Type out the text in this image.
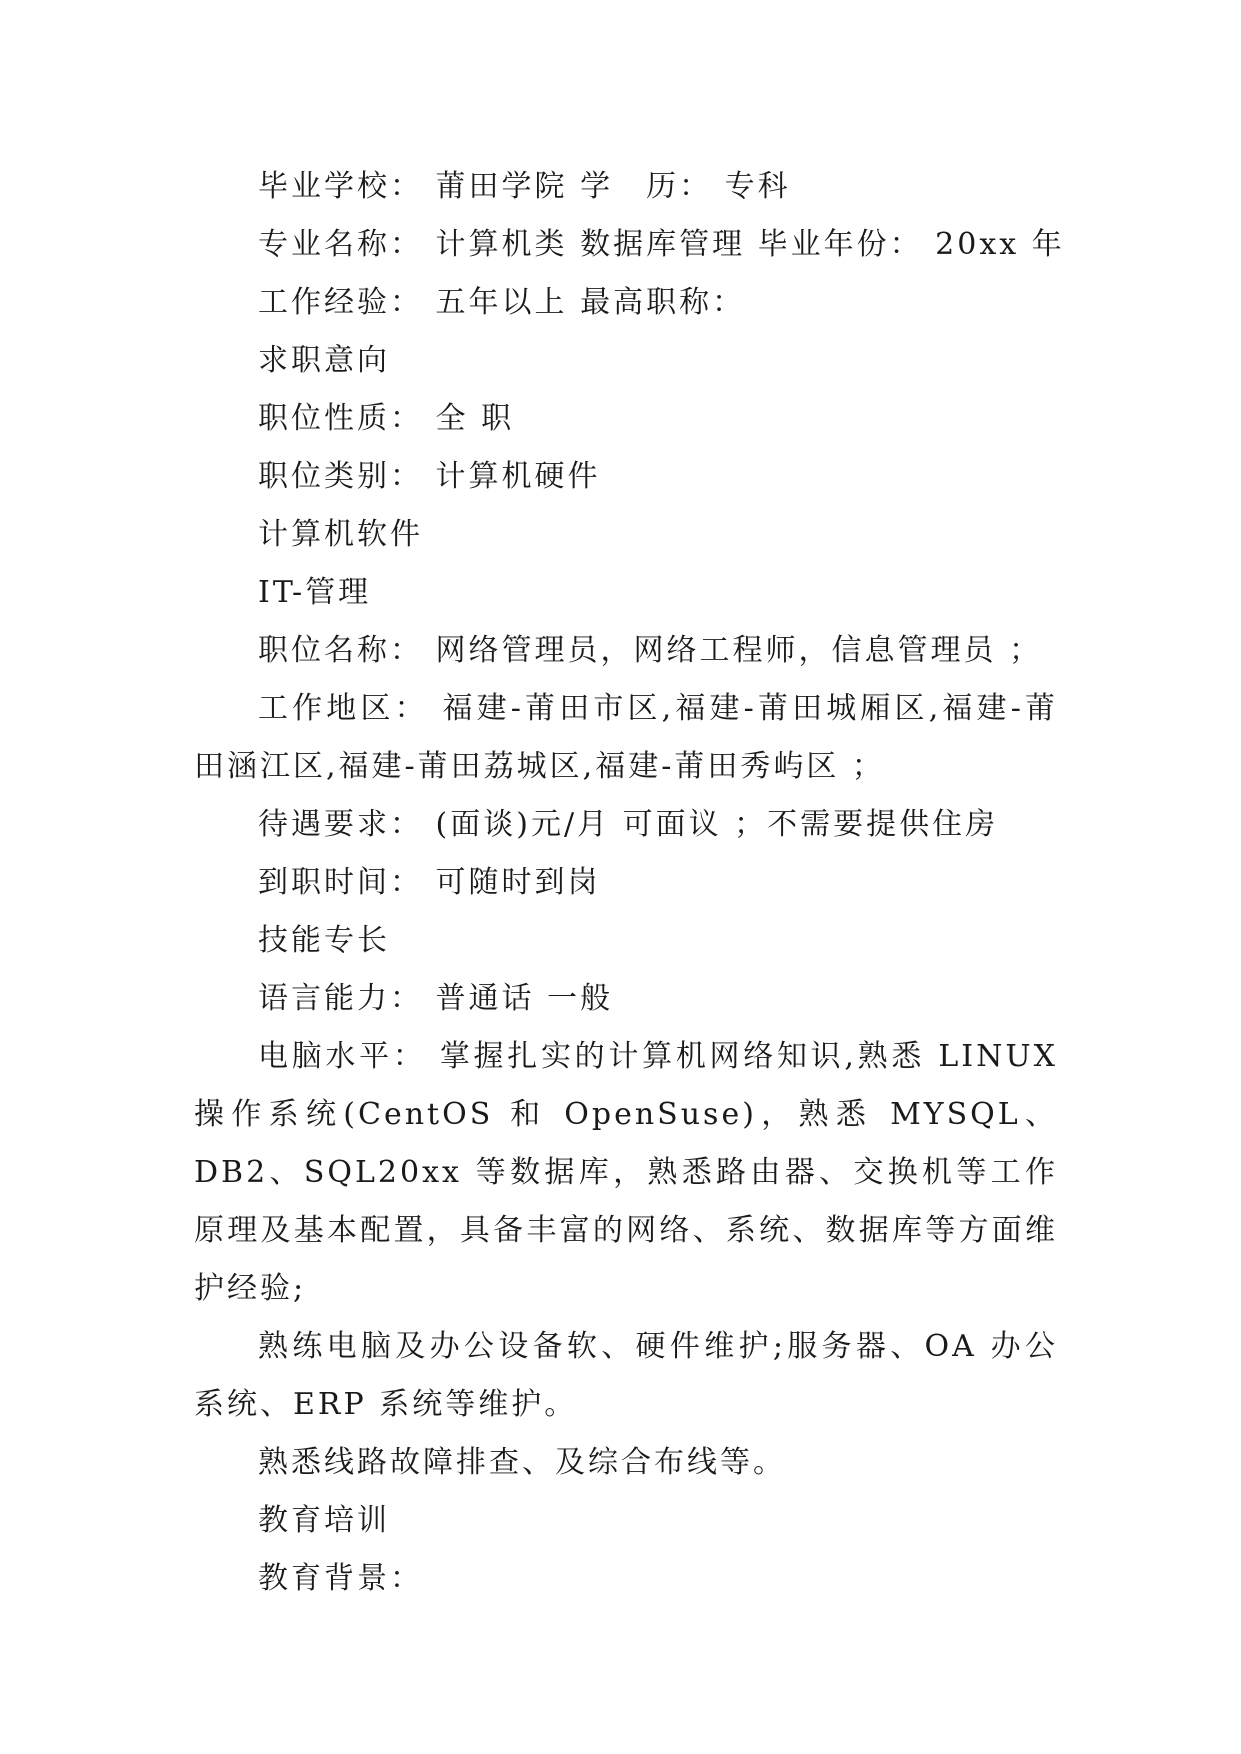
毕业学校： 莆田学院 学　历： 专科

专业名称： 计算机类 数据库管理 毕业年份： 20xx 年

工作经验： 五年以上 最高职称：

求职意向

职位性质： 全 职

职位类别： 计算机硬件

计算机软件

IT-管理

职位名称： 网络管理员，网络工程师，信息管理员 ；

工作地区： 福建-莆田市区,福建-莆田城厢区,福建-莆田涵江区,福建-莆田荔城区,福建-莆田秀屿区 ；

待遇要求： (面谈)元/月 可面议 ；不需要提供住房

到职时间： 可随时到岗

技能专长

语言能力： 普通话 一般

电脑水平： 掌握扎实的计算机网络知识,熟悉 LINUX 操作系统(CentOS 和 OpenSuse)，熟悉 MYSQL、DB2、SQL20xx 等数据库，熟悉路由器、交换机等工作原理及基本配置，具备丰富的网络、系统、数据库等方面维护经验;

熟练电脑及办公设备软、硬件维护;服务器、OA 办公系统、ERP 系统等维护。

熟悉线路故障排查、及综合布线等。

教育培训

教育背景：
